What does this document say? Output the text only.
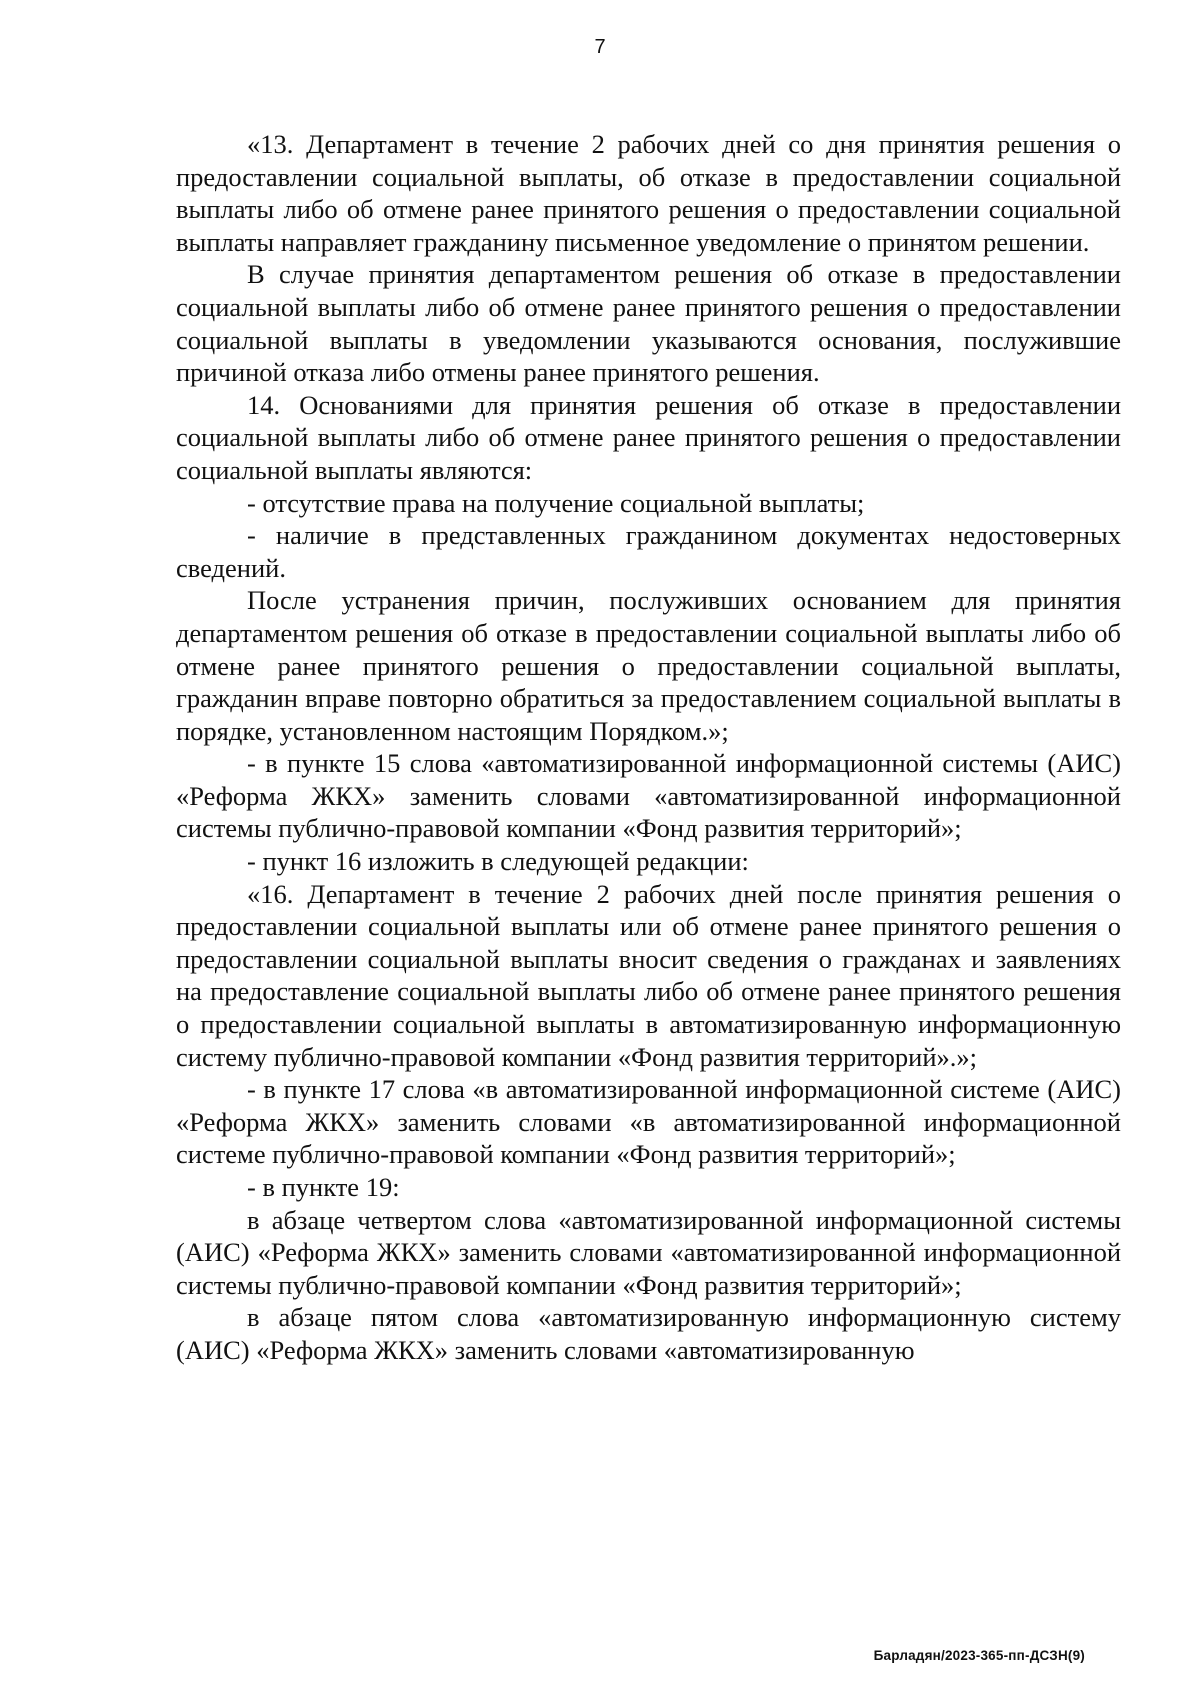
7

«13. Департамент в течение 2 рабочих дней со дня принятия решения о предоставлении социальной выплаты, об отказе в предоставлении социальной выплаты либо об отмене ранее принятого решения о предоставлении социальной выплаты направляет гражданину письменное уведомление о принятом решении.

В случае принятия департаментом решения об отказе в предоставлении социальной выплаты либо об отмене ранее принятого решения о предоставлении социальной выплаты в уведомлении указываются основания, послужившие причиной отказа либо отмены ранее принятого решения.

14. Основаниями для принятия решения об отказе в предоставлении социальной выплаты либо об отмене ранее принятого решения о предоставлении социальной выплаты являются:

- отсутствие права на получение социальной выплаты;

- наличие в представленных гражданином документах недостоверных сведений.

После устранения причин, послуживших основанием для принятия департаментом решения об отказе в предоставлении социальной выплаты либо об отмене ранее принятого решения о предоставлении социальной выплаты, гражданин вправе повторно обратиться за предоставлением социальной выплаты в порядке, установленном настоящим Порядком.»;

- в пункте 15 слова «автоматизированной информационной системы (АИС) «Реформа ЖКХ» заменить словами «автоматизированной информационной системы публично-правовой компании «Фонд развития территорий»;

- пункт 16 изложить в следующей редакции:

«16. Департамент в течение 2 рабочих дней после принятия решения о предоставлении социальной выплаты или об отмене ранее принятого решения о предоставлении социальной выплаты вносит сведения о гражданах и заявлениях на предоставление социальной выплаты либо об отмене ранее принятого решения о предоставлении социальной выплаты в автоматизированную информационную систему публично-правовой компании «Фонд развития территорий».»;

- в пункте 17 слова «в автоматизированной информационной системе (АИС) «Реформа ЖКХ» заменить словами «в автоматизированной информационной системе публично-правовой компании «Фонд развития территорий»;

- в пункте 19:

в абзаце четвертом слова «автоматизированной информационной системы (АИС) «Реформа ЖКХ» заменить словами «автоматизированной информационной системы публично-правовой компании «Фонд развития территорий»;

в абзаце пятом слова «автоматизированную информационную систему (АИС) «Реформа ЖКХ» заменить словами «автоматизированную

Барладян/2023-365-пп-ДСЗН(9)
